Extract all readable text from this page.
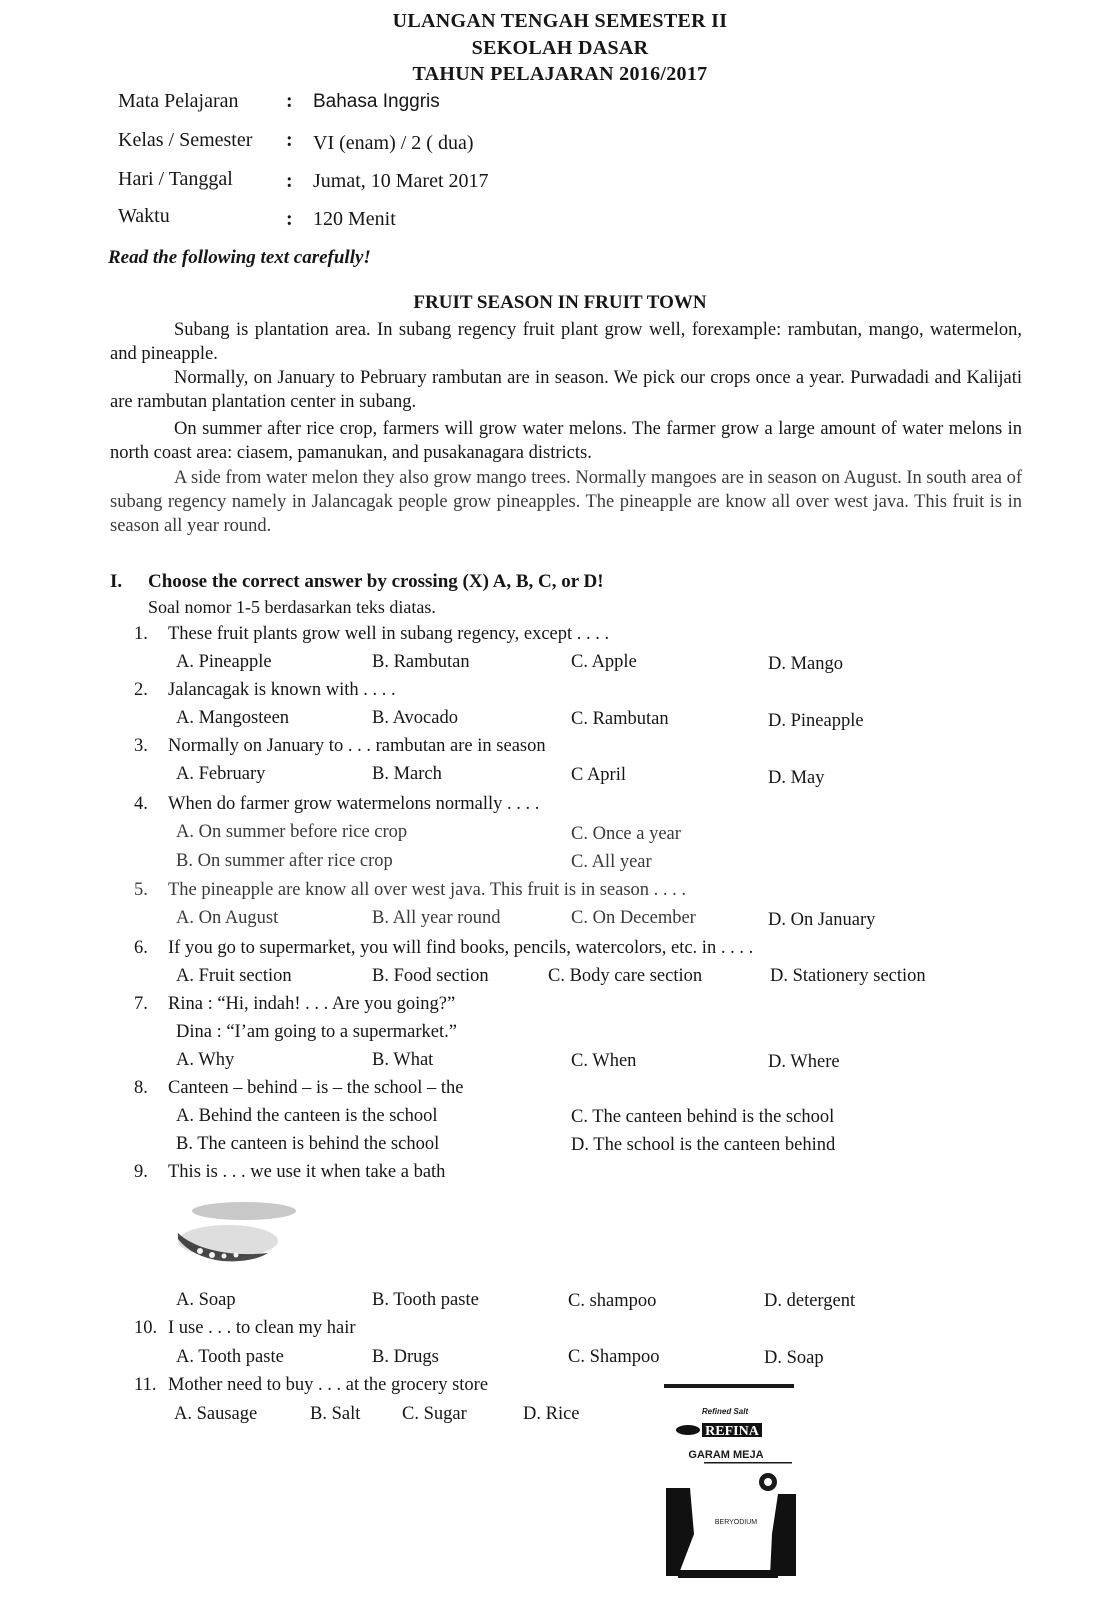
ULANGAN TENGAH SEMESTER II
SEKOLAH DASAR
TAHUN PELAJARAN 2016/2017
Mata Pelajaran : Bahasa Inggris
Kelas / Semester : VI (enam) / 2 ( dua)
Hari / Tanggal	: Jumat, 10 Maret 2017
Waktu	: 120 Menit
Read the following text carefully!
FRUIT SEASON IN FRUIT TOWN
Subang is plantation area. In subang regency fruit plant grow well, forexample: rambutan, mango, watermelon, and pineapple.
Normally, on January to Pebruary rambutan are in season. We pick our crops once a year. Purwadadi and Kalijati are rambutan plantation center in subang.
On summer after rice crop, farmers will grow water melons. The farmer grow a large amount of water melons in north coast area: ciasem, pamanukan, and pusakanagara districts.
A side from water melon they also grow mango trees. Normally mangoes are in season on August. In south area of subang regency namely in Jalancagak people grow pineapples. The pineapple are know all over west java. This fruit is in season all year round.
I. Choose the correct answer by crossing (X) A, B, C, or D!
Soal nomor 1-5 berdasarkan teks diatas.
1. These fruit plants grow well in subang regency, except . . . .
A. Pineapple	B. Rambutan	C. Apple	D. Mango
2. Jalancagak is known with . . . .
A. Mangosteen	B. Avocado	C. Rambutan	D. Pineapple
3. Normally on January to . . . rambutan are in season
A. February	B. March	C April	D. May
4. When do farmer grow watermelons normally . . . .
A. On summer before rice crop	C. Once a year
B. On summer after rice crop	C. All year
5. The pineapple are know all over west java. This fruit is in season . . . .
A. On August	B. All year round	C. On December	D. On January
6. If you go to supermarket, you will find books, pencils, watercolors, etc. in . . . .
A. Fruit section	B. Food section	C. Body care section	D. Stationery section
7. Rina : “Hi, indah! . . . Are you going?”
Dina : “I’am going to a supermarket.”
A. Why	B. What	C. When	D. Where
8. Canteen – behind – is – the school – the
A. Behind the canteen is the school	C. The canteen behind is the school
B. The canteen is behind the school	D. The school is the canteen behind
9. This is . . . we use it when take a bath
A. Soap	B. Tooth paste	C. shampoo	D. detergent
10. I use . . . to clean my hair
A. Tooth paste	B. Drugs	C. Shampoo	D. Soap
11. Mother need to buy . . . at the grocery store
A. Sausage	B. Salt C. Sugar	D. Rice	Refined Salt
REFINA
GARAM MEJA
BERYODIUM
